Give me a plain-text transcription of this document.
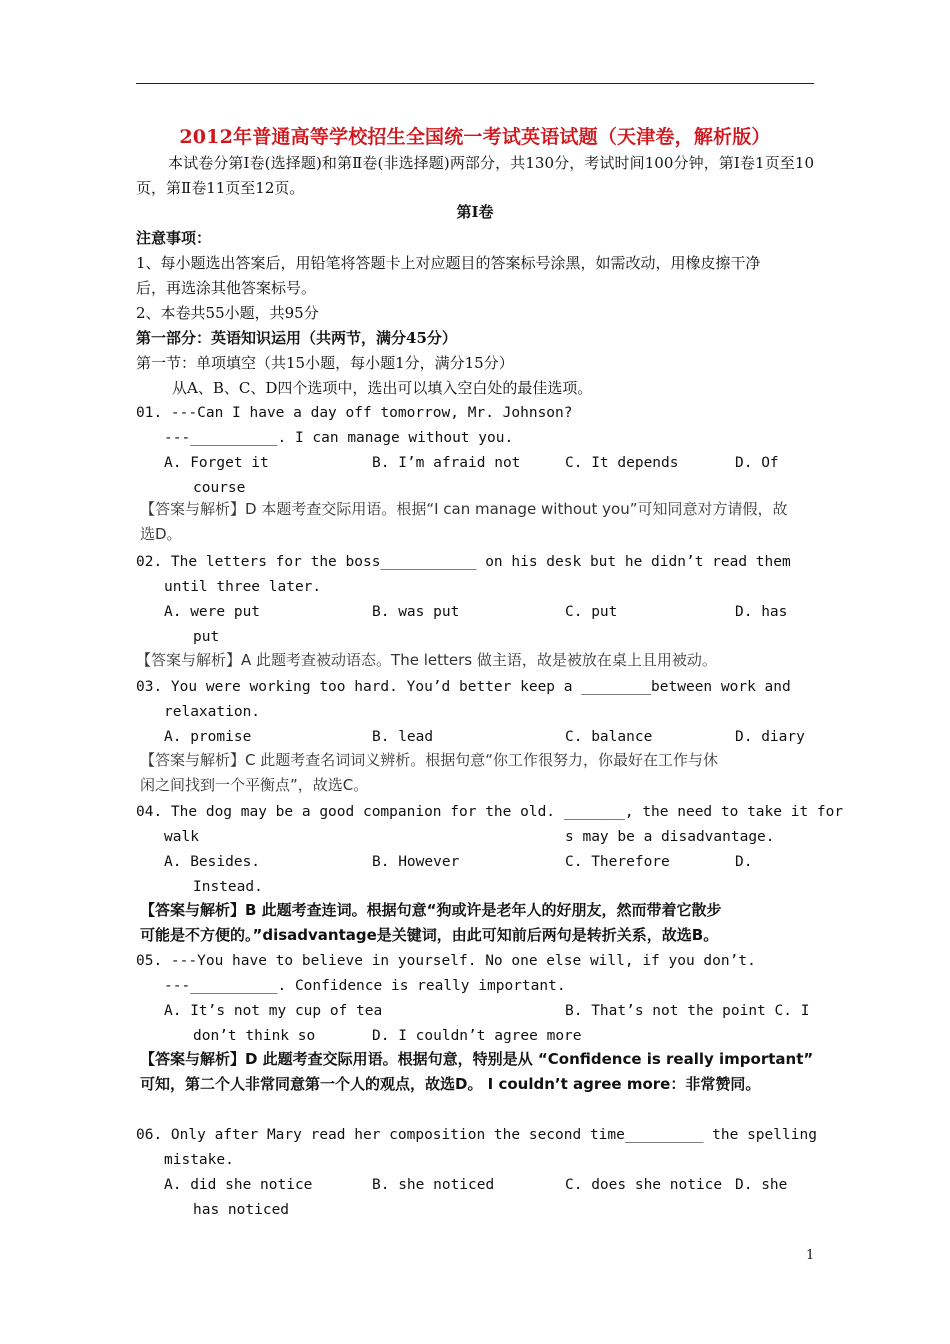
2012年普通高等学校招生全国统一考试英语试题（天津卷，解析版）
本试卷分第Ⅰ卷(选择题)和第Ⅱ卷(非选择题)两部分，共130分，考试时间100分钟，第Ⅰ卷1页至10页，第Ⅱ卷11页至12页。
第Ⅰ卷
注意事项：
1、每小题选出答案后，用铅笔将答题卡上对应题目的答案标号涂黑，如需改动，用橡皮擦干净
后，再选涂其他答案标号。
2、本卷共55小题，共95分
第一部分：英语知识运用（共两节，满分45分）
第一节：单项填空（共15小题，每小题1分，满分15分）
从A、B、C、D四个选项中，选出可以填入空白处的最佳选项。
01. ---Can I have a day off tomorrow, Mr. Johnson?
---__________. I can manage without you.
A. Forget it	B. I’m afraid not	C. It depends	D. Of
course
【答案与解析】D 本题考查交际用语。根据“I can manage without you”可知同意对方请假，故选D。
02. The letters for the boss___________ on his desk but he didn’t read them
until three later.
A. were put	B. was put	C. put	D. has
put
【答案与解析】A 此题考查被动语态。The letters 做主语，故是被放在桌上且用被动。
03. You were working too hard. You’d better keep a ________between work and
relaxation.
A. promise	B. lead	C. balance	D. diary
【答案与解析】C 此题考查名词词义辨析。根据句意“你工作很努力，你最好在工作与休
闲之间找到一个平衡点”，故选C。
04. The dog may be a good companion for the old. _______, the need to take it for
walk	s may be a disadvantage.
A. Besides.	B. However	C. Therefore	D.
Instead.
【答案与解析】B 此题考查连词。根据句意“狗或许是老年人的好朋友，然而带着它散步
可能是不方便的。”disadvantage是关键词，由此可知前后两句是转折关系，故选B。
05. ---You have to believe in yourself. No one else will, if you don’t.
---__________. Confidence is really important.
A. It’s not my cup of tea	B. That’s not the point C. I
don’t think so	D. I couldn’t agree more
【答案与解析】D 此题考查交际用语。根据句意，特别是从 “Confidence is really important”
可知，第二个人非常同意第一个人的观点，故选D。 I couldn’t agree more：非常赞同。
06. Only after Mary read her composition the second time_________ the spelling
mistake.
A. did she notice	B. she noticed	C. does she notice D. she
has noticed
1
